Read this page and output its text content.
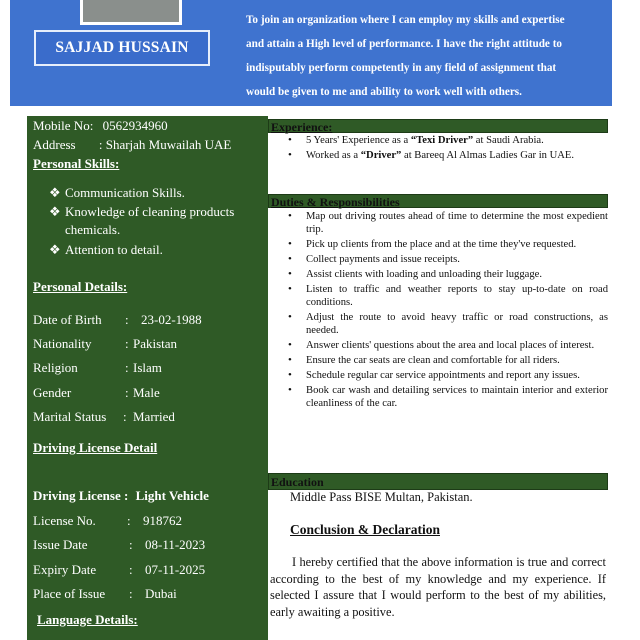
SAJJAD HUSSAIN
To join an organization where I can employ my skills and expertise
and attain a High level of performance. I have the right attitude to
indisputably perform competently in any field of assignment that
would be given to me and ability to work well with others.
Mobile No: 0562934960
Address : Sharjah Muwailah UAE
Personal Skills:
❖ Communication Skills.
❖ Knowledge of cleaning products chemicals.
❖ Attention to detail.
Personal Details:
Date of Birth : 23-02-1988
Nationality	: Pakistan
Religion	: Islam
Gender	: Male
Marital Status : Married
Driving License Detail
Driving License : Light Vehicle
License No. : 918762
Issue Date	: 08-11-2023
Expiry Date	: 07-11-2025
Place of Issue : Dubai
Language Details:
Experience:
• 5 Years' Experience as a “Texi Driver” at Saudi Arabia.
• Worked as a “Driver” at Bareeq Al Almas Ladies Gar in UAE.
Duties & Responsibilities
• Map out driving routes ahead of time to determine the most expedient trip.
• Pick up clients from the place and at the time they've requested.
• Collect payments and issue receipts.
• Assist clients with loading and unloading their luggage.
• Listen to traffic and weather reports to stay up-to-date on road conditions.
• Adjust the route to avoid heavy traffic or road constructions, as needed.
• Answer clients' questions about the area and local places of interest.
• Ensure the car seats are clean and comfortable for all riders.
• Schedule regular car service appointments and report any issues.
• Book car wash and detailing services to maintain interior and exterior cleanliness of the car.
Education
Middle Pass BISE Multan, Pakistan.
Conclusion & Declaration
I hereby certified that the above information is true and correct according to the best of my knowledge and my experience. If selected I assure that I would perform to the best of my abilities, early awaiting a positive.
